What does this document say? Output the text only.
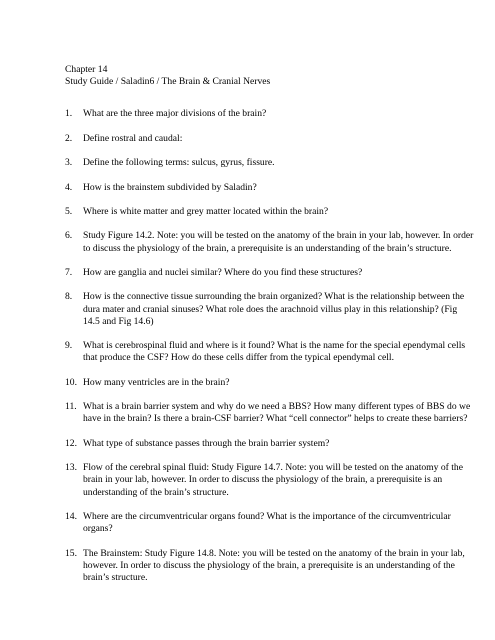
Chapter 14

Study Guide / Saladin6 / The Brain & Cranial Nerves

1.	What are the three major divisions of the brain?
2.	Define rostral and caudal:
3.	Define the following terms: sulcus, gyrus, fissure.
4.	How is the brainstem subdivided by Saladin?
5.	Where is white matter and grey matter located within the brain?
6.	Study Figure 14.2. Note: you will be tested on the anatomy of the brain in your lab, however. In order to discuss the physiology of the brain, a prerequisite is an understanding of the brain’s structure.
7.	How are ganglia and nuclei similar? Where do you find these structures?
8.	How is the connective tissue surrounding the brain organized? What is the relationship between the dura mater and cranial sinuses? What role does the arachnoid villus play in this relationship? (Fig 14.5 and Fig 14.6)
9.	What is cerebrospinal fluid and where is it found? What is the name for the special ependymal cells that produce the CSF? How do these cells differ from the typical ependymal cell.
10. How many ventricles are in the brain?
11. What is a brain barrier system and why do we need a BBS? How many different types of BBS do we have in the brain? Is there a brain-CSF barrier? What “cell connector” helps to create these barriers?
12. What type of substance passes through the brain barrier system?
13. Flow of the cerebral spinal fluid: Study Figure 14.7. Note: you will be tested on the anatomy of the brain in your lab, however. In order to discuss the physiology of the brain, a prerequisite is an understanding of the brain’s structure.
14. Where are the circumventricular organs found? What is the importance of the circumventricular organs?
15. The Brainstem: Study Figure 14.8. Note: you will be tested on the anatomy of the brain in your lab, however. In order to discuss the physiology of the brain, a prerequisite is an understanding of the brain’s structure.
